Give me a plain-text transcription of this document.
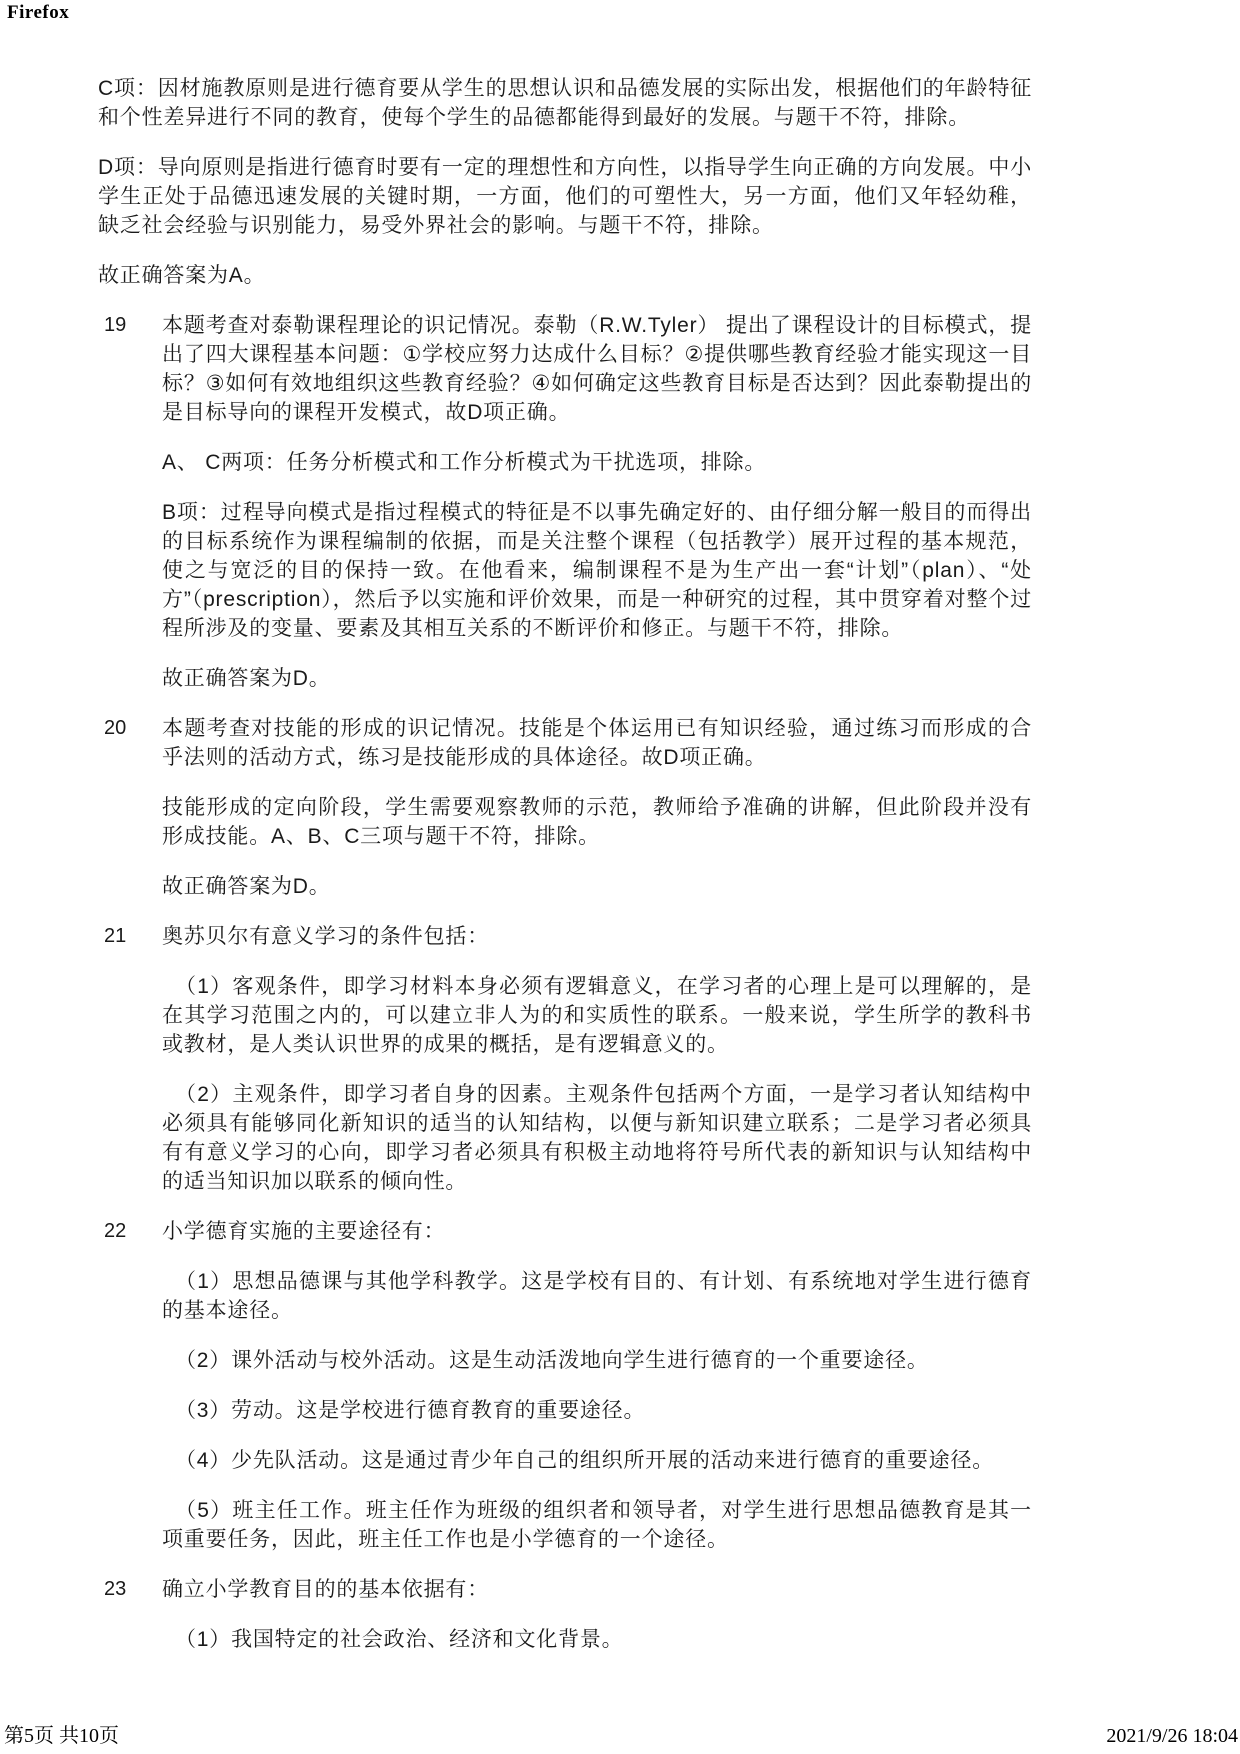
Firefox

C项：因材施教原则是进行德育要从学生的思想认识和品德发展的实际出发，根据他们的年龄特征和个性差异进行不同的教育，使每个学生的品德都能得到最好的发展。与题干不符，排除。

D项：导向原则是指进行德育时要有一定的理想性和方向性，以指导学生向正确的方向发展。中小学生正处于品德迅速发展的关键时期，一方面，他们的可塑性大，另一方面，他们又年轻幼稚，缺乏社会经验与识别能力，易受外界社会的影响。与题干不符，排除。

故正确答案为A。

19	本题考查对泰勒课程理论的识记情况。泰勒（R.W.Tyler） 提出了课程设计的目标模式，提出了四大课程基本问题：①学校应努力达成什么目标？②提供哪些教育经验才能实现这一目标？③如何有效地组织这些教育经验？④如何确定这些教育目标是否达到？因此泰勒提出的是目标导向的课程开发模式，故D项正确。

A、 C两项：任务分析模式和工作分析模式为干扰选项，排除。

B项：过程导向模式是指过程模式的特征是不以事先确定好的、由仔细分解一般目的而得出的目标系统作为课程编制的依据，而是关注整个课程（包括教学）展开过程的基本规范，使之与宽泛的目的保持一致。在他看来，编制课程不是为生产出一套“计划”（plan）、“处方”（prescription），然后予以实施和评价效果，而是一种研究的过程，其中贯穿着对整个过程所涉及的变量、要素及其相互关系的不断评价和修正。与题干不符，排除。

故正确答案为D。

20	本题考查对技能的形成的识记情况。技能是个体运用已有知识经验，通过练习而形成的合乎法则的活动方式，练习是技能形成的具体途径。故D项正确。

技能形成的定向阶段，学生需要观察教师的示范，教师给予准确的讲解，但此阶段并没有形成技能。A、B、C三项与题干不符，排除。

故正确答案为D。

21	奥苏贝尔有意义学习的条件包括：

（1）客观条件，即学习材料本身必须有逻辑意义，在学习者的心理上是可以理解的，是在其学习范围之内的，可以建立非人为的和实质性的联系。一般来说，学生所学的教科书或教材，是人类认识世界的成果的概括，是有逻辑意义的。

（2）主观条件，即学习者自身的因素。主观条件包括两个方面，一是学习者认知结构中必须具有能够同化新知识的适当的认知结构，以便与新知识建立联系；二是学习者必须具有有意义学习的心向，即学习者必须具有积极主动地将符号所代表的新知识与认知结构中的适当知识加以联系的倾向性。

22	小学德育实施的主要途径有：

（1）思想品德课与其他学科教学。这是学校有目的、有计划、有系统地对学生进行德育的基本途径。

（2）课外活动与校外活动。这是生动活泼地向学生进行德育的一个重要途径。

（3）劳动。这是学校进行德育教育的重要途径。

（4）少先队活动。这是通过青少年自己的组织所开展的活动来进行德育的重要途径。

（5）班主任工作。班主任作为班级的组织者和领导者，对学生进行思想品德教育是其一项重要任务，因此，班主任工作也是小学德育的一个途径。

23	确立小学教育目的的基本依据有：

（1）我国特定的社会政治、经济和文化背景。

第5页 共10页	2021/9/26 18:04
